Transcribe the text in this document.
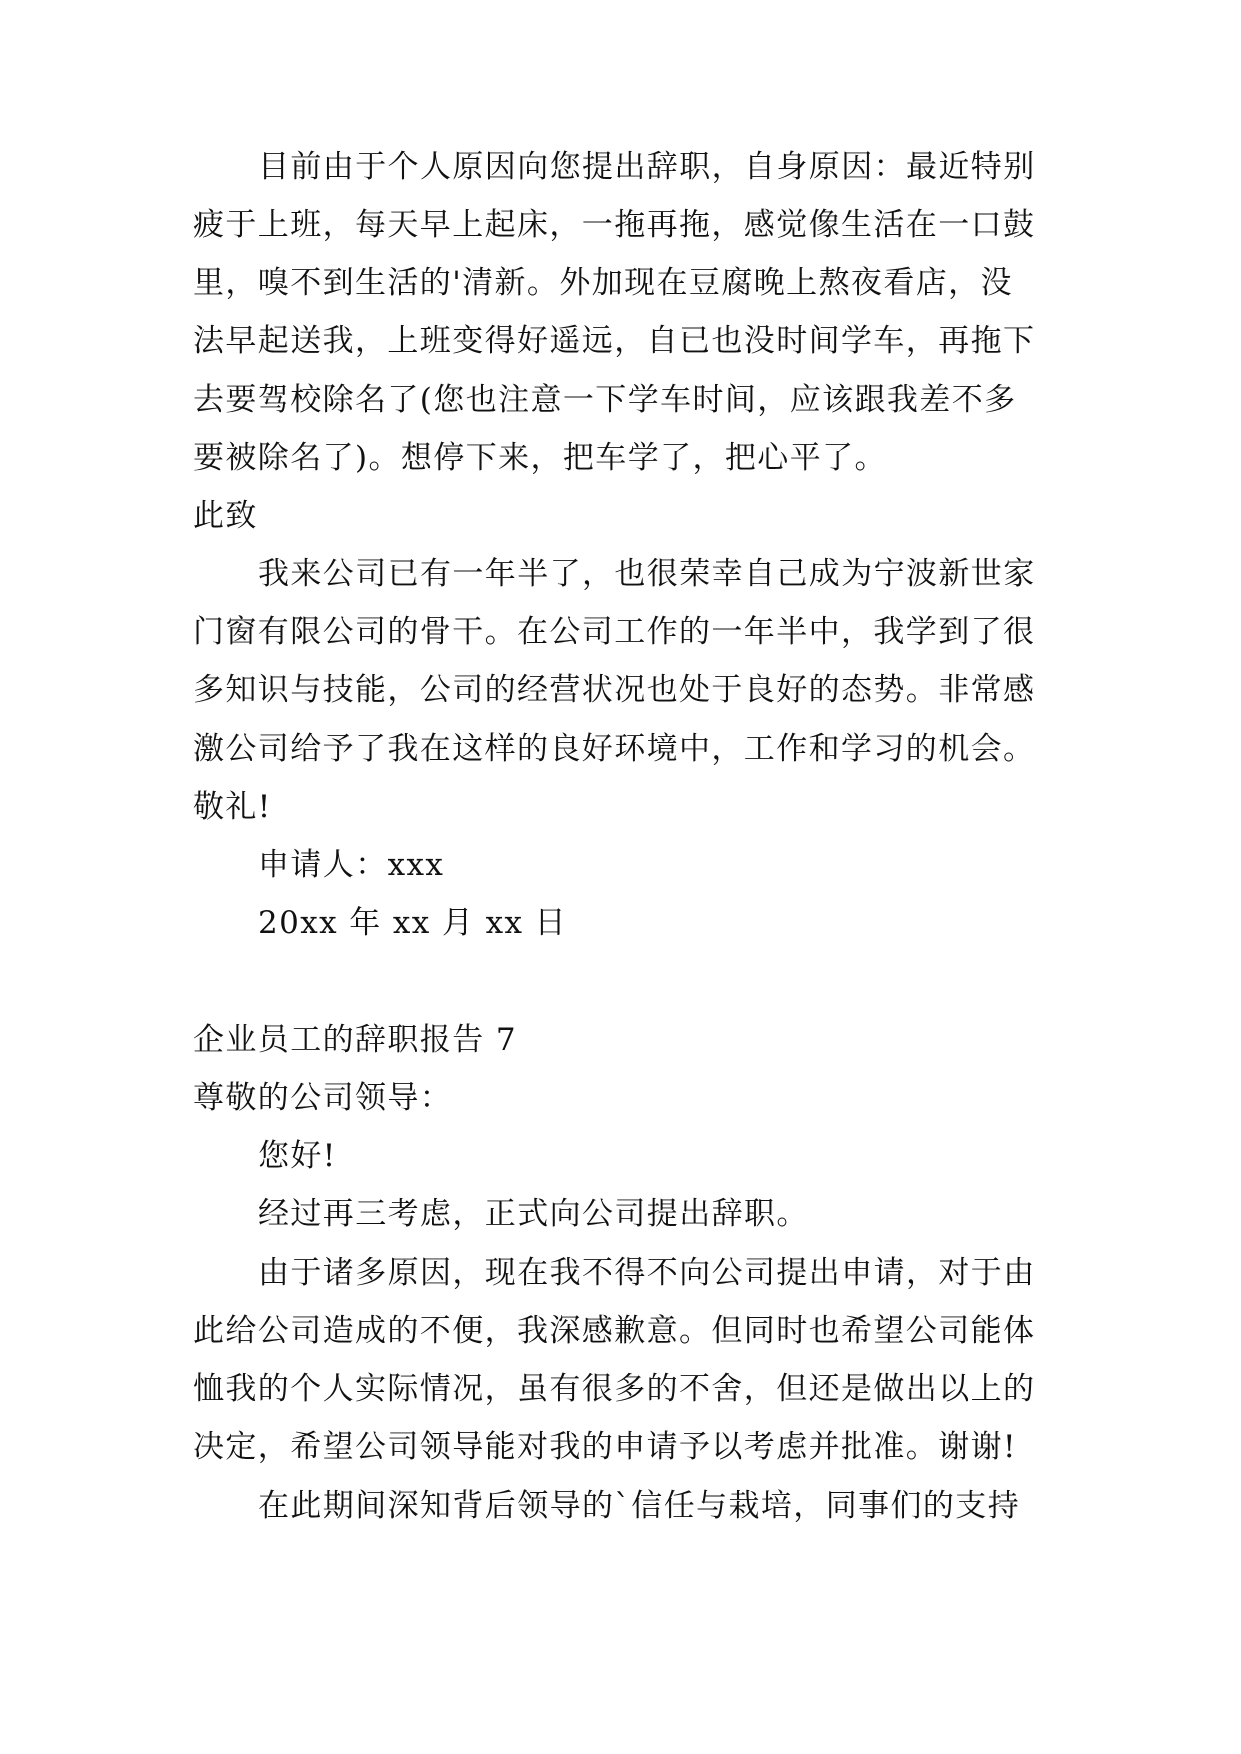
目前由于个人原因向您提出辞职，自身原因：最近特别
疲于上班，每天早上起床，一拖再拖，感觉像生活在一口鼓
里，嗅不到生活的'清新。外加现在豆腐晚上熬夜看店，没
法早起送我，上班变得好遥远，自已也没时间学车，再拖下
去要驾校除名了(您也注意一下学车时间，应该跟我差不多
要被除名了)。想停下来，把车学了，把心平了。
此致
我来公司已有一年半了，也很荣幸自己成为宁波新世家
门窗有限公司的骨干。在公司工作的一年半中，我学到了很
多知识与技能，公司的经营状况也处于良好的态势。非常感
激公司给予了我在这样的良好环境中，工作和学习的机会。
敬礼!
申请人：xxx
20xx 年 xx 月 xx 日
企业员工的辞职报告 7
尊敬的公司领导：
您好!
经过再三考虑，正式向公司提出辞职。
由于诸多原因，现在我不得不向公司提出申请，对于由
此给公司造成的不便，我深感歉意。但同时也希望公司能体
恤我的个人实际情况，虽有很多的不舍，但还是做出以上的
决定，希望公司领导能对我的申请予以考虑并批准。谢谢!
在此期间深知背后领导的`信任与栽培，同事们的支持
